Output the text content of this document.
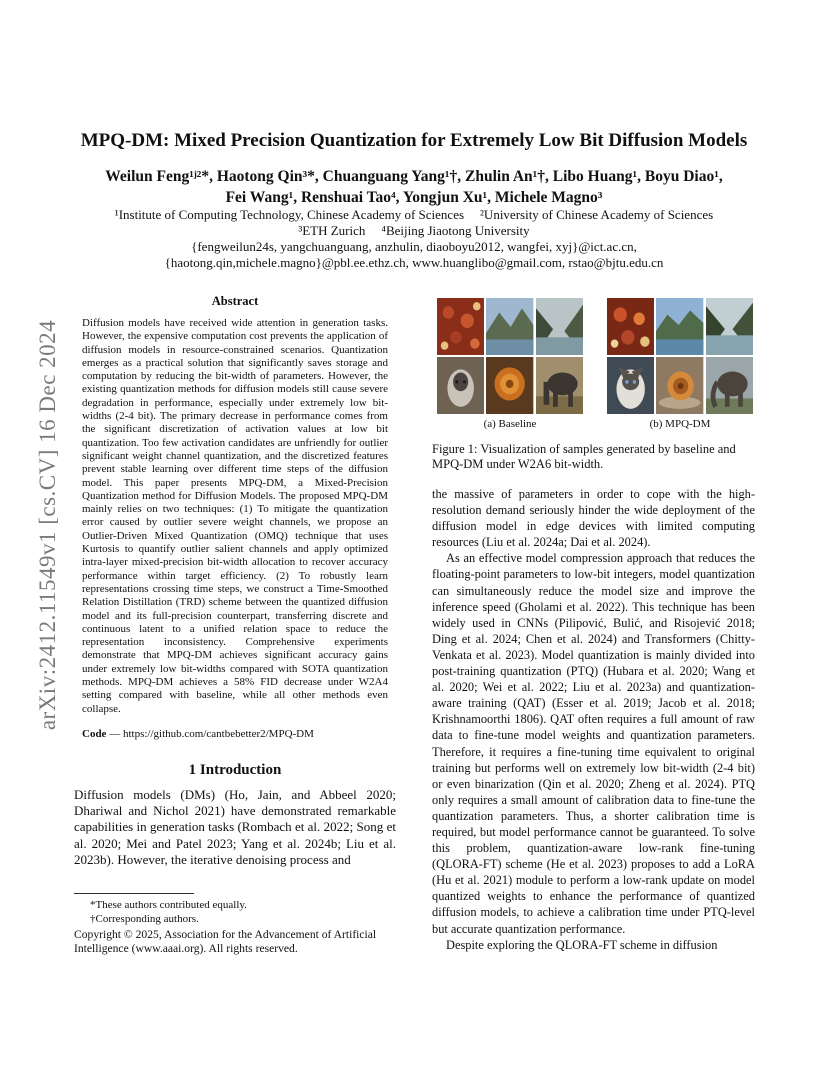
arXiv:2412.11549v1 [cs.CV] 16 Dec 2024
MPQ-DM: Mixed Precision Quantization for Extremely Low Bit Diffusion Models
Weilun Feng¹ʲ²*, Haotong Qin³*, Chuanguang Yang¹†, Zhulin An¹†, Libo Huang¹, Boyu Diao¹,
Fei Wang¹, Renshuai Tao⁴, Yongjun Xu¹, Michele Magno³
¹Institute of Computing Technology, Chinese Academy of Sciences ²University of Chinese Academy of Sciences
³ETH Zurich ⁴Beijing Jiaotong University
{fengweilun24s, yangchuanguang, anzhulin, diaoboyu2012, wangfei, xyj}@ict.ac.cn,
{haotong.qin,michele.magno}@pbl.ee.ethz.ch, www.huanglibo@gmail.com, rstao@bjtu.edu.cn
Abstract

Diffusion models have received wide attention in generation tasks. However, the expensive computation cost prevents the application of diffusion models in resource-constrained scenarios. Quantization emerges as a practical solution that significantly saves storage and computation by reducing the bit-width of parameters. However, the existing quantization methods for diffusion models still cause severe degradation in performance, especially under extremely low bit-widths (2-4 bit). The primary decrease in performance comes from the significant discretization of activation values at low bit quantization. Too few activation candidates are unfriendly for outlier significant weight channel quantization, and the discretized features prevent stable learning over different time steps of the diffusion model. This paper presents MPQ-DM, a Mixed-Precision Quantization method for Diffusion Models. The proposed MPQ-DM mainly relies on two techniques: (1) To mitigate the quantization error caused by outlier severe weight channels, we propose an Outlier-Driven Mixed Quantization (OMQ) technique that uses Kurtosis to quantify outlier salient channels and apply optimized intra-layer mixed-precision bit-width allocation to recover accuracy performance within target efficiency. (2) To robustly learn representations crossing time steps, we construct a Time-Smoothed Relation Distillation (TRD) scheme between the quantized diffusion model and its full-precision counterpart, transferring discrete and continuous latent to a unified relation space to reduce the representation inconsistency. Comprehensive experiments demonstrate that MPQ-DM achieves significant accuracy gains under extremely low bit-widths compared with SOTA quantization methods. MPQ-DM achieves a 58% FID decrease under W2A4 setting compared with baseline, while all other methods even collapse.

Code — https://github.com/cantbebetter2/MPQ-DM
1 Introduction

Diffusion models (DMs) (Ho, Jain, and Abbeel 2020; Dhariwal and Nichol 2021) have demonstrated remarkable capabilities in generation tasks (Rombach et al. 2022; Song et al. 2020; Mei and Patel 2023; Yang et al. 2024b; Liu et al. 2023b). However, the iterative denoising process and

*These authors contributed equally.
†Corresponding authors.
Copyright © 2025, Association for the Advancement of Artificial Intelligence (www.aaai.org). All rights reserved.
(a) Baseline	(b) MPQ-DM
Figure 1: Visualization of samples generated by baseline and MPQ-DM under W2A6 bit-width.

the massive of parameters in order to cope with the high-resolution demand seriously hinder the wide deployment of the diffusion model in edge devices with limited computing resources (Liu et al. 2024a; Dai et al. 2024).

As an effective model compression approach that reduces the floating-point parameters to low-bit integers, model quantization can simultaneously reduce the model size and improve the inference speed (Gholami et al. 2022). This technique has been widely used in CNNs (Pilipović, Bulić, and Risojević 2018; Ding et al. 2024; Chen et al. 2024) and Transformers (Chitty-Venkata et al. 2023). Model quantization is mainly divided into post-training quantization (PTQ) (Hubara et al. 2020; Wang et al. 2020; Wei et al. 2022; Liu et al. 2023a) and quantization-aware training (QAT) (Esser et al. 2019; Jacob et al. 2018; Krishnamoorthi 1806). QAT often requires a full amount of raw data to fine-tune model weights and quantization parameters. Therefore, it requires a fine-tuning time equivalent to original training but performs well on extremely low bit-width (2-4 bit) or even binarization (Qin et al. 2020; Zheng et al. 2024). PTQ only requires a small amount of calibration data to fine-tune the quantization parameters. Thus, a shorter calibration time is required, but model performance cannot be guaranteed. To solve this problem, quantization-aware low-rank fine-tuning (QLORA-FT) scheme (He et al. 2023) proposes to add a LoRA (Hu et al. 2021) module to perform a low-rank update on model quantized weights to enhance the performance of quantized diffusion models, to achieve a calibration time under PTQ-level but accurate quantization performance.

Despite exploring the QLORA-FT scheme in diffusion
